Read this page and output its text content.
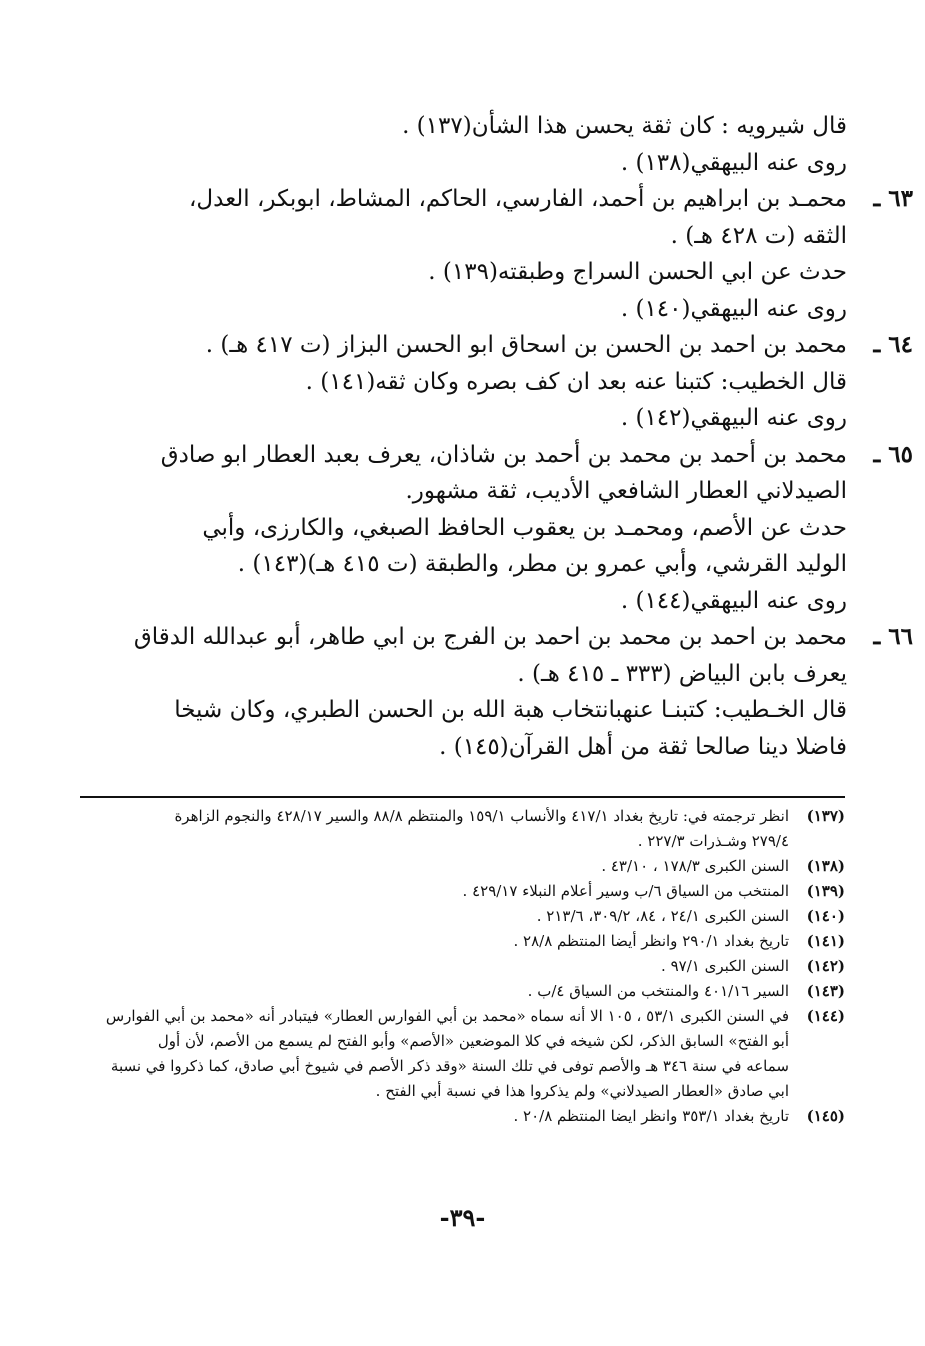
قال شيرويه : كان ثقة يحسن هذا الشأن(١٣٧) .
روى عنه البيهقي(١٣٨) .
٦٣ ـ
محمـد بن ابراهيم بن أحمد، الفارسي، الحاكم، المشاط، ابوبكر، العدل،
الثقه (ت ٤٢٨ هـ) .
حدث عن ابي الحسن السراج وطبقته(١٣٩) .
روى عنه البيهقي(١٤٠) .
٦٤ ـ
محمد بن احمد بن الحسن بن اسحاق ابو الحسن البزاز (ت ٤١٧ هـ) .
قال الخطيب: كتبنا عنه بعد ان كف بصره وكان ثقه(١٤١) .
روى عنه البيهقي(١٤٢) .
٦٥ ـ
محمد بن أحمد بن محمد بن أحمد بن شاذان، يعرف بعبد العطار ابو صادق
الصيدلاني العطار الشافعي الأديب، ثقة مشهور.
حدث عن الأصم، ومحمـد بن يعقوب الحافظ الصبغي، والكارزى، وأبي
الوليد القرشي، وأبي عمرو بن مطر، والطبقة (ت ٤١٥ هـ)(١٤٣) .
روى عنه البيهقي(١٤٤) .
٦٦ ـ
محمد بن احمد بن محمد بن احمد بن الفرج بن ابي طاهر، أبو عبدالله الدقاق
يعرف بابن البياض (٣٣٣ ـ ٤١٥ هـ) .
قال الخـطيب: كتبنـا عنهبانتخاب هبة الله بن الحسن الطبري، وكان شيخا
فاضلا دينا صالحا ثقة من أهل القرآن(١٤٥) .
(١٣٧)
انظر ترجمته في: تاريخ بغداد ٤١٧/١ والأنساب ١٥٩/١ والمنتظم ٨٨/٨ والسير ٤٢٨/١٧ والنجوم الزاهرة
٢٧٩/٤ وشـذرات ٢٢٧/٣ .
(١٣٨)
السنن الكبرى ١٧٨/٣ ، ٤٣/١٠ .
(١٣٩)
المنتخب من السياق ٦/ب وسير أعلام النبلاء ٤٢٩/١٧ .
(١٤٠)
السنن الكبرى ٢٤/١ ، ٨٤، ٣٠٩/٢، ٢١٣/٦ .
(١٤١)
تاريخ بغداد ٢٩٠/١ وانظر أيضا المنتظم ٢٨/٨ .
(١٤٢)
السنن الكبرى ٩٧/١ .
(١٤٣)
السير ٤٠١/١٦ والمنتخب من السياق ٤/ب .
(١٤٤)
في السنن الكبرى ٥٣/١ ، ١٠٥ الا أنه سماه «محمد بن أبي الفوارس العطار» فيتبادر أنه «محمد بن أبي الفوارس
أبو الفتح» السابق الذكر، لكن شيخه في كلا الموضعين «الأصم» وأبو الفتح لم يسمع من الأصم، لأن أول
سماعه في سنة ٣٤٦ هـ والأصم توفى في تلك السنة «وقد ذكر الأصم في شيوخ أبي صادق، كما ذكروا في نسبة
ابي صادق «العطار الصيدلاني» ولم يذكروا هذا في نسبة أبي الفتح .
(١٤٥)
تاريخ بغداد ٣٥٣/١ وانظر ايضا المنتظم ٢٠/٨ .
-٣٩-
